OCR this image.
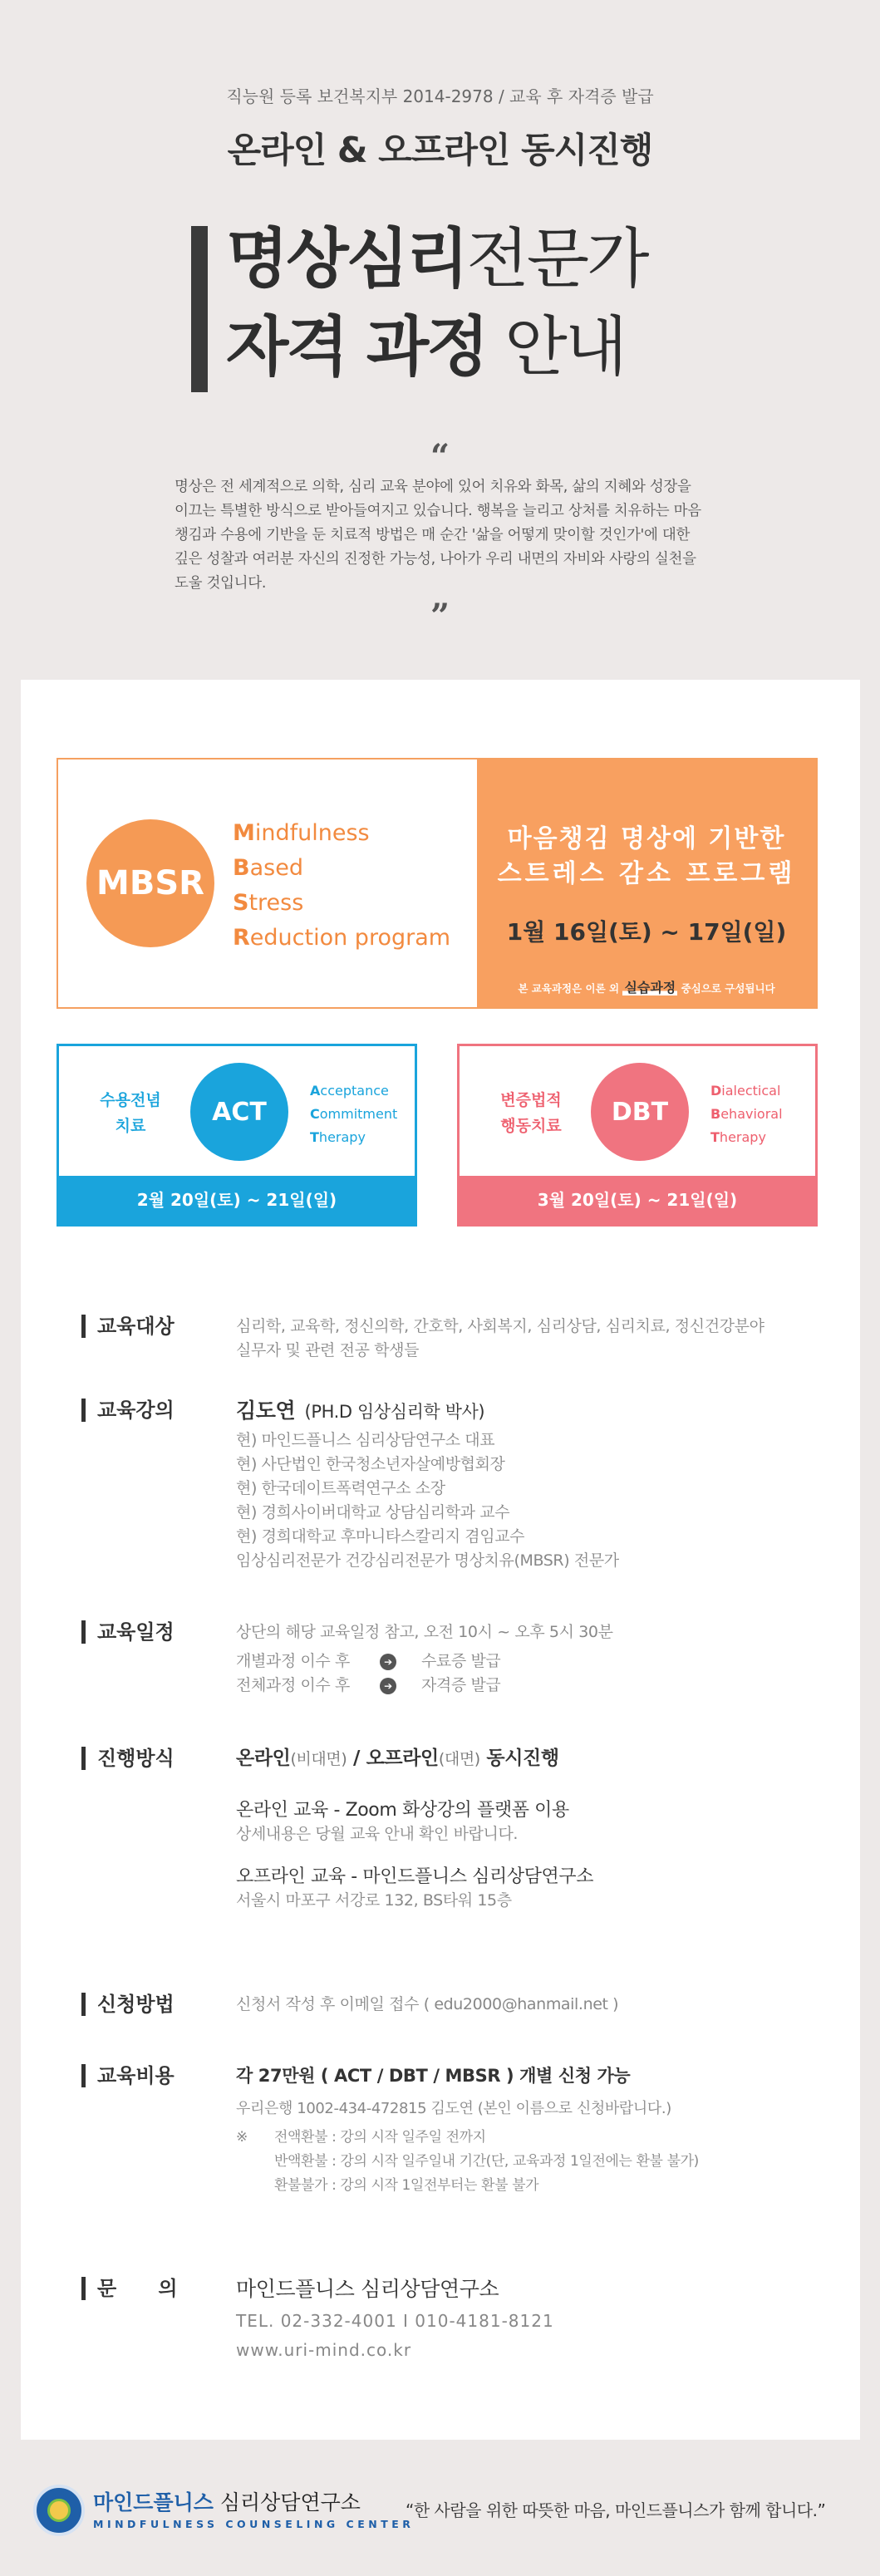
직능원 등록 보건복지부 2014-2978 / 교육 후 자격증 발급
온라인 & 오프라인 동시진행
명상심리전문가
자격 과정 안내
“
명상은 전 세계적으로 의학, 심리 교육 분야에 있어 치유와 화목, 삶의 지혜와 성장을 이끄는 특별한 방식으로 받아들여지고 있습니다. 행복을 늘리고 상처를 치유하는 마음챙김과 수용에 기반을 둔 치료적 방법은 매 순간 '삶을 어떻게 맞이할 것인가'에 대한 깊은 성찰과 여러분 자신의 진정한 가능성, 나아가 우리 내면의 자비와 사랑의 실천을 도울 것입니다.
”
MBSR
Mindfulness
Based
Stress
Reduction program
마음챙김 명상에 기반한
스트레스 감소 프로그램
1월 16일(토) ~ 17일(일)
본 교육과정은 이론 외 실습과정 중심으로 구성됩니다
수용전념
치료	ACT
Acceptance
Commitment
Therapy
2월 20일(토) ~ 21일(일)
변증법적
행동치료	DBT
Dialectical
Behavioral
Therapy
3월 20일(토) ~ 21일(일)
교육대상	심리학, 교육학, 정신의학, 간호학, 사회복지, 심리상담, 심리치료, 정신건강분야
실무자 및 관련 전공 학생들
교육강의	김도연 (PH.D 임상심리학 박사)
현) 마인드플니스 심리상담연구소 대표
현) 사단법인 한국청소년자살예방협회장
현) 한국데이트폭력연구소 소장
현) 경희사이버대학교 상담심리학과 교수
현) 경희대학교 후마니타스칼리지 겸임교수
임상심리전문가 건강심리전문가 명상치유(MBSR) 전문가
교육일정	상단의 해당 교육일정 참고, 오전 10시 ~ 오후 5시 30분
개별과정 이수 후	➔ 수료증 발급
전체과정 이수 후	➔ 자격증 발급
진행방식	온라인(비대면) / 오프라인(대면) 동시진행
온라인 교육 - Zoom 화상강의 플랫폼 이용
상세내용은 당월 교육 안내 확인 바랍니다.
오프라인 교육 - 마인드플니스 심리상담연구소
서울시 마포구 서강로 132, BS타워 15층
신청방법	신청서 작성 후 이메일 접수 ( edu2000@hanmail.net )
교육비용	각 27만원 ( ACT / DBT / MBSR ) 개별 신청 가능
우리은행 1002-434-472815 김도연 (본인 이름으로 신청바랍니다.)
※	전액환불 : 강의 시작 일주일 전까지
반액환불 : 강의 시작 일주일내 기간(단, 교육과정 1일전에는 환불 불가)
환불불가 : 강의 시작 1일전부터는 환불 불가
문      의	마인드플니스 심리상담연구소
TEL. 02-332-4001 I 010-4181-8121
www.uri-mind.co.kr
마인드플니스 심리상담연구소
MINDFULNESS COUNSELING CENTER
“한 사람을 위한 따뜻한 마음, 마인드플니스가 함께 합니다.”
